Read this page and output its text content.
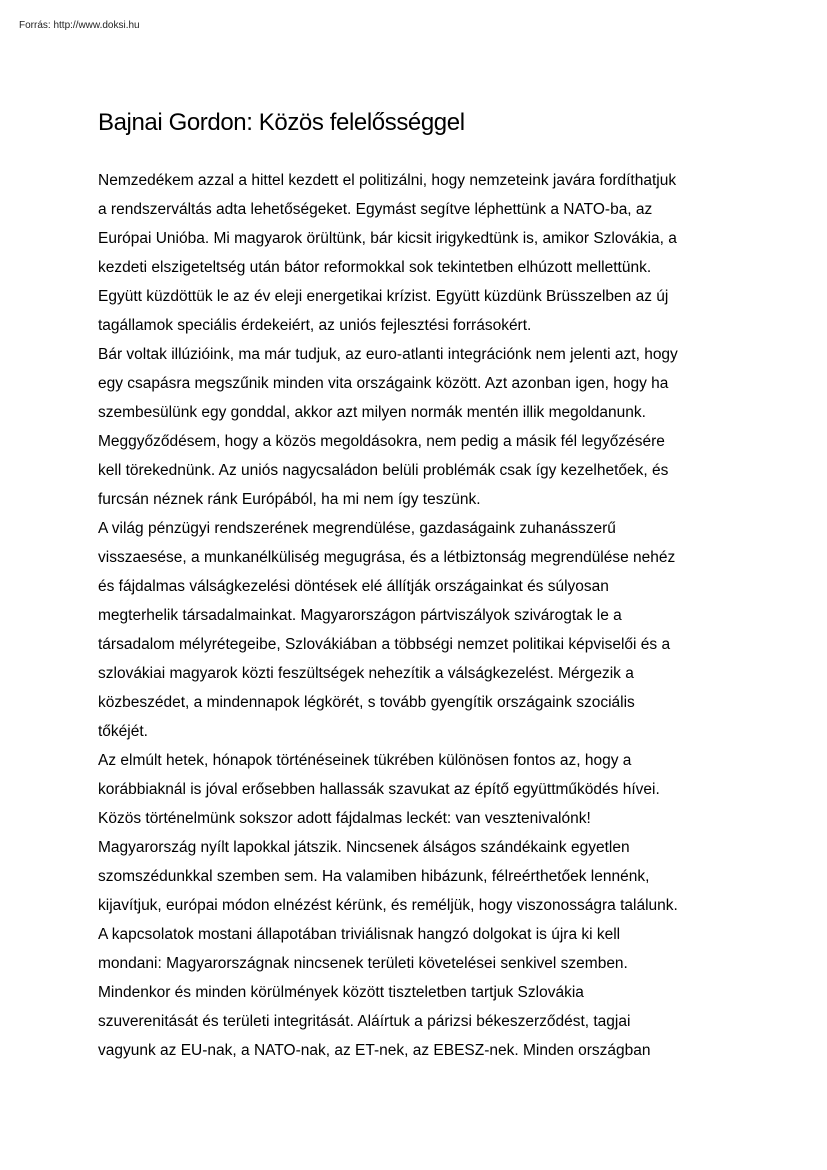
Forrás: http://www.doksi.hu
Bajnai Gordon: Közös felelősséggel
Nemzedékem azzal a hittel kezdett el politizálni, hogy nemzeteink javára fordíthatjuk
a rendszerváltás adta lehetőségeket. Egymást segítve léphettünk a NATO-ba, az
Európai Unióba. Mi magyarok örültünk, bár kicsit irigykedtünk is, amikor Szlovákia, a
kezdeti elszigeteltség után bátor reformokkal sok tekintetben elhúzott mellettünk.
Együtt küzdöttük le az év eleji energetikai krízist. Együtt küzdünk Brüsszelben az új
tagállamok speciális érdekeiért, az uniós fejlesztési forrásokért.
Bár voltak illúzióink, ma már tudjuk, az euro-atlanti integrációnk nem jelenti azt, hogy
egy csapásra megszűnik minden vita országaink között. Azt azonban igen, hogy ha
szembesülünk egy gonddal, akkor azt milyen normák mentén illik megoldanunk.
Meggyőződésem, hogy a közös megoldásokra, nem pedig a másik fél legyőzésére
kell törekednünk. Az uniós nagycsaládon belüli problémák csak így kezelhetőek, és
furcsán néznek ránk Európából, ha mi nem így teszünk.
A világ pénzügyi rendszerének megrendülése, gazdaságaink zuhanásszerű
visszaesése, a munkanélküliség megugrása, és a létbiztonság megrendülése nehéz
és fájdalmas válságkezelési döntések elé állítják országainkat és súlyosan
megterhelik társadalmainkat. Magyarországon pártviszályok szivárogtak le a
társadalom mélyrétegeibe, Szlovákiában a többségi nemzet politikai képviselői és a
szlovákiai magyarok közti feszültségek nehezítik a válságkezelést. Mérgezik a
közbeszédet, a mindennapok légkörét, s tovább gyengítik országaink szociális
tőkéjét.
Az elmúlt hetek, hónapok történéseinek tükrében különösen fontos az, hogy a
korábbiaknál is jóval erősebben hallassák szavukat az építő együttműködés hívei.
Közös történelmünk sokszor adott fájdalmas leckét: van vesztenivalónk!
Magyarország nyílt lapokkal játszik. Nincsenek álságos szándékaink egyetlen
szomszédunkkal szemben sem. Ha valamiben hibázunk, félreérthetőek lennénk,
kijavítjuk, európai módon elnézést kérünk, és reméljük, hogy viszonosságra találunk.
A kapcsolatok mostani állapotában triviálisnak hangzó dolgokat is újra ki kell
mondani: Magyarországnak nincsenek területi követelései senkivel szemben.
Mindenkor és minden körülmények között tiszteletben tartjuk Szlovákia
szuverenitását és területi integritását. Aláírtuk a párizsi békeszerződést, tagjai
vagyunk az EU-nak, a NATO-nak, az ET-nek, az EBESZ-nek. Minden országban
